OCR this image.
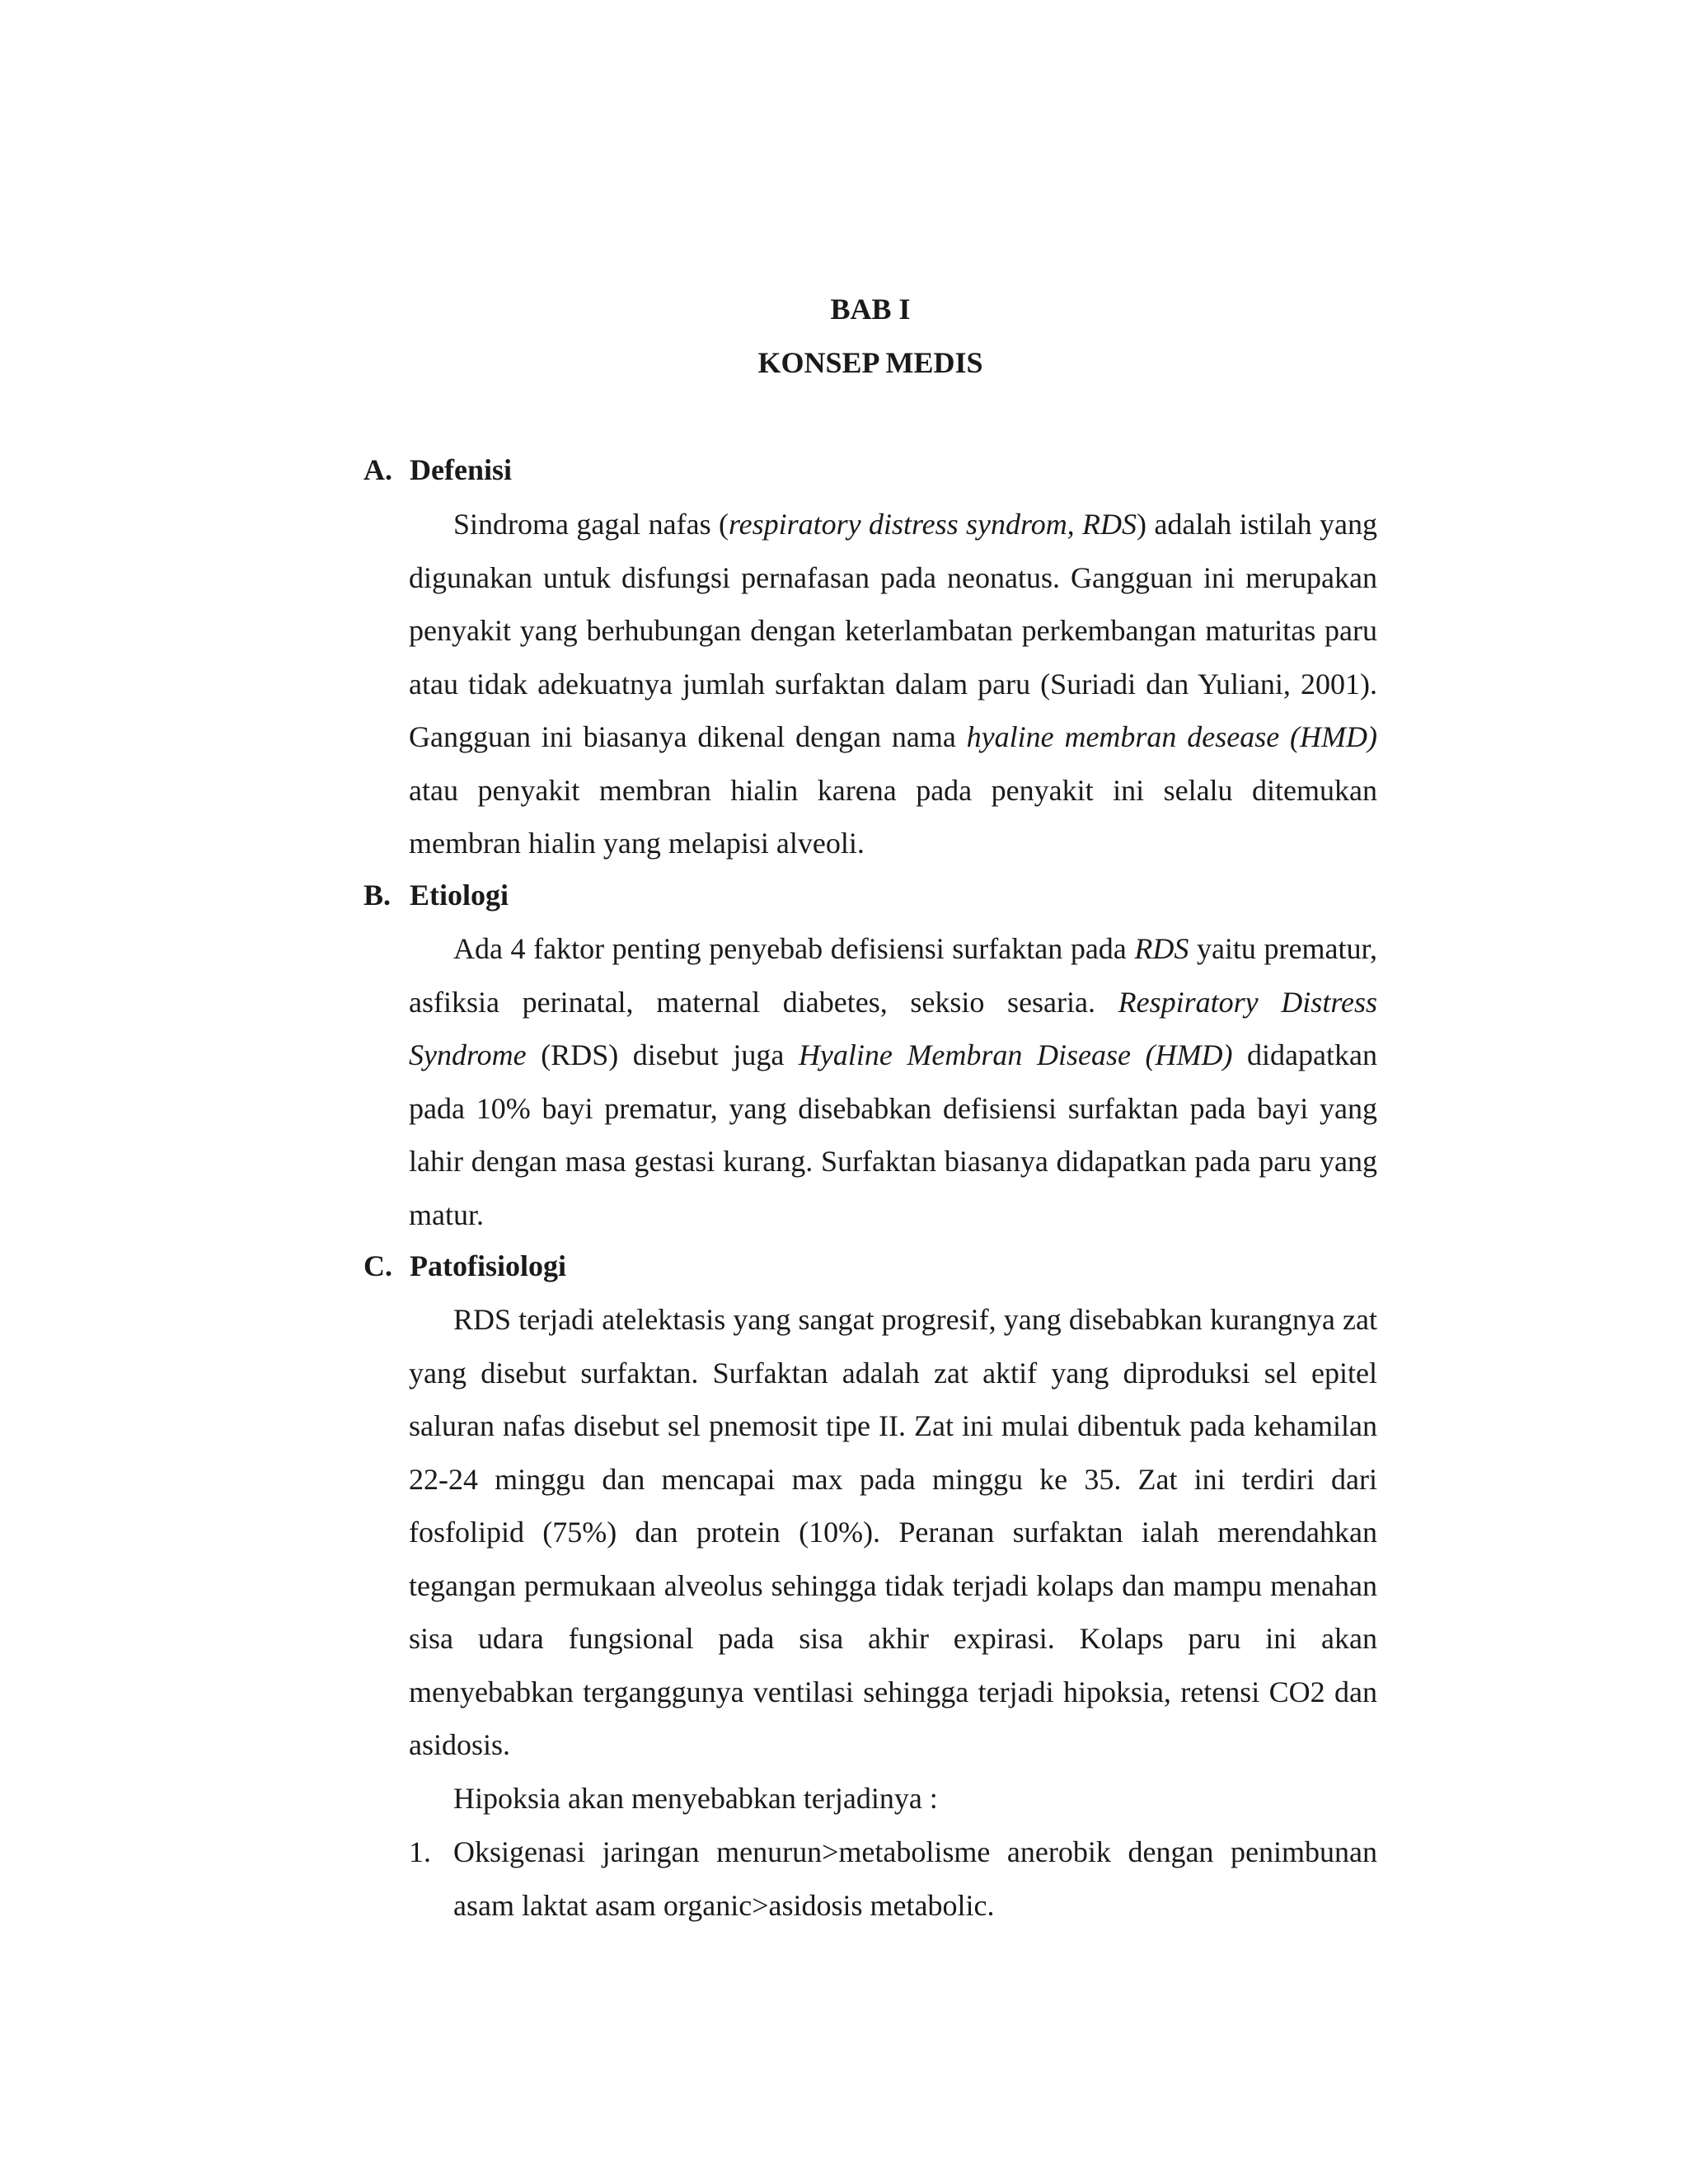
BAB I
KONSEP MEDIS
A. Defenisi

Sindroma gagal nafas (respiratory distress syndrom, RDS) adalah istilah yang digunakan untuk disfungsi pernafasan pada neonatus. Gangguan ini merupakan penyakit yang berhubungan dengan keterlambatan perkembangan maturitas paru atau tidak adekuatnya jumlah surfaktan dalam paru (Suriadi dan Yuliani, 2001). Gangguan ini biasanya dikenal dengan nama hyaline membran desease (HMD) atau penyakit membran hialin karena pada penyakit ini selalu ditemukan membran hialin yang melapisi alveoli.

B. Etiologi

Ada 4 faktor penting penyebab defisiensi surfaktan pada RDS yaitu prematur, asfiksia perinatal, maternal diabetes, seksio sesaria. Respiratory Distress Syndrome (RDS) disebut juga Hyaline Membran Disease (HMD) didapatkan pada 10% bayi prematur, yang disebabkan defisiensi surfaktan pada bayi yang lahir dengan masa gestasi kurang. Surfaktan biasanya didapatkan pada paru yang matur.

C. Patofisiologi

RDS terjadi atelektasis yang sangat progresif, yang disebabkan kurangnya zat yang disebut surfaktan. Surfaktan adalah zat aktif yang diproduksi sel epitel saluran nafas disebut sel pnemosit tipe II. Zat ini mulai dibentuk pada kehamilan 22-24 minggu dan mencapai max pada minggu ke 35. Zat ini terdiri dari fosfolipid (75%) dan protein (10%). Peranan surfaktan ialah merendahkan tegangan permukaan alveolus sehingga tidak terjadi kolaps dan mampu menahan sisa udara fungsional pada sisa akhir expirasi. Kolaps paru ini akan menyebabkan terganggunya ventilasi sehingga terjadi hipoksia, retensi CO2 dan asidosis.

Hipoksia akan menyebabkan terjadinya :

1. Oksigenasi jaringan menurun>metabolisme anerobik dengan penimbunan asam laktat asam organic>asidosis metabolic.
